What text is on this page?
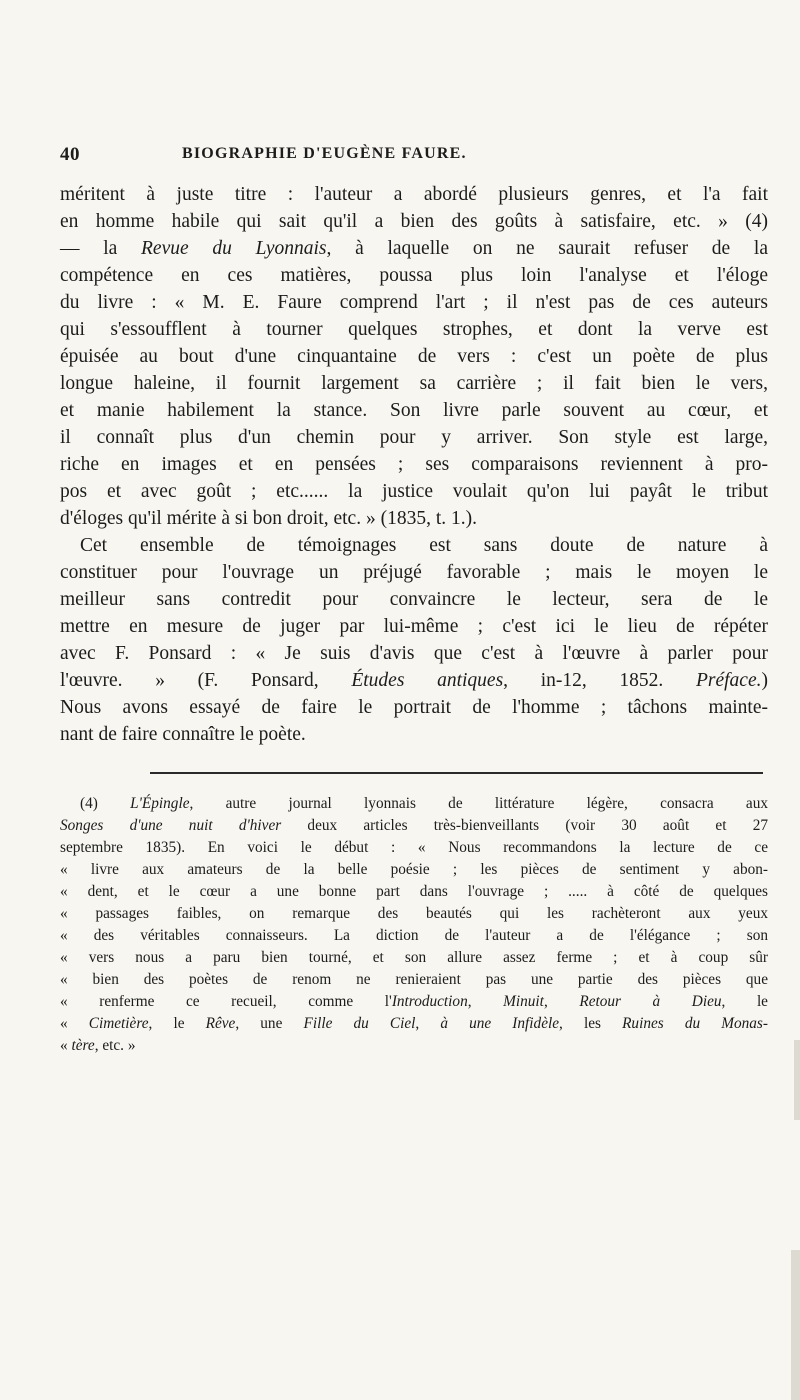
40	BIOGRAPHIE D'EUGÈNE FAURE.
méritent à juste titre : l'auteur a abordé plusieurs genres, et l'a fait
en homme habile qui sait qu'il a bien des goûts à satisfaire, etc. » (4)
— la Revue du Lyonnais, à laquelle on ne saurait refuser de la
compétence en ces matières, poussa plus loin l'analyse et l'éloge
du livre : « M. E. Faure comprend l'art ; il n'est pas de ces auteurs
qui s'essoufflent à tourner quelques strophes, et dont la verve est
épuisée au bout d'une cinquantaine de vers : c'est un poète de plus
longue haleine, il fournit largement sa carrière ; il fait bien le vers,
et manie habilement la stance. Son livre parle souvent au cœur, et
il connaît plus d'un chemin pour y arriver. Son style est large,
riche en images et en pensées ; ses comparaisons reviennent à pro-
pos et avec goût ; etc...... la justice voulait qu'on lui payât le tribut
d'éloges qu'il mérite à si bon droit, etc. » (1835, t. 1.).
Cet ensemble de témoignages est sans doute de nature à
constituer pour l'ouvrage un préjugé favorable ; mais le moyen le
meilleur sans contredit pour convaincre le lecteur, sera de le
mettre en mesure de juger par lui-même ; c'est ici le lieu de répéter
avec F. Ponsard : « Je suis d'avis que c'est à l'œuvre à parler pour
l'œuvre. » (F. Ponsard, Études antiques, in-12, 1852. Préface.)
Nous avons essayé de faire le portrait de l'homme ; tâchons mainte-
nant de faire connaître le poète.
(4) L'Épingle, autre journal lyonnais de littérature légère, consacra aux
Songes d'une nuit d'hiver deux articles très-bienveillants (voir 30 août et 27
septembre 1835). En voici le début : « Nous recommandons la lecture de ce
« livre aux amateurs de la belle poésie ; les pièces de sentiment y abon-
« dent, et le cœur a une bonne part dans l'ouvrage ; ..... à côté de quelques
« passages faibles, on remarque des beautés qui les rachèteront aux yeux
« des véritables connaisseurs. La diction de l'auteur a de l'élégance ; son
« vers nous a paru bien tourné, et son allure assez ferme ; et à coup sûr
« bien des poètes de renom ne renieraient pas une partie des pièces que
« renferme ce recueil, comme l'Introduction, Minuit, Retour à Dieu, le
« Cimetière, le Rêve, une Fille du Ciel, à une Infidèle, les Ruines du Monas-
« tère, etc. »
